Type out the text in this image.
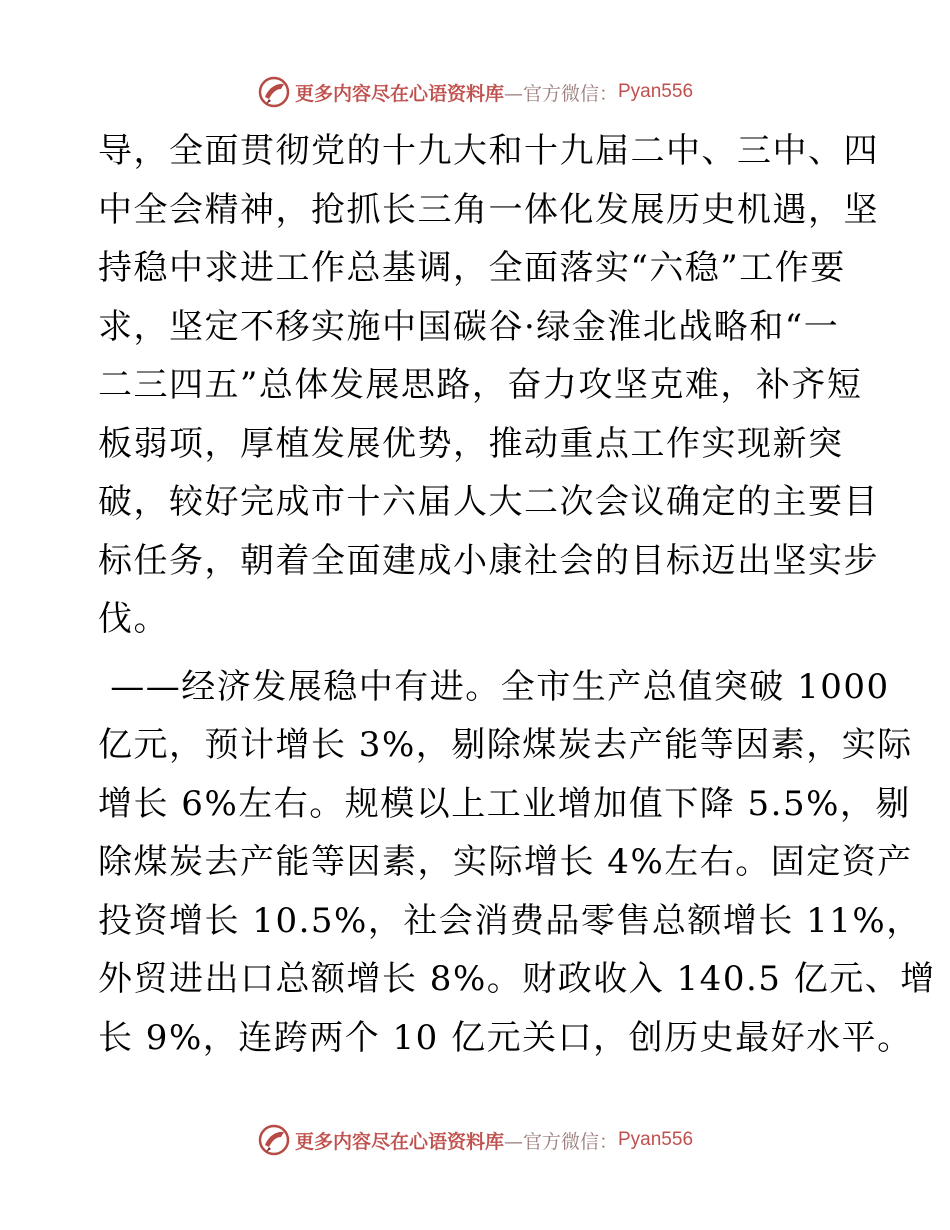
更多内容尽在心语资料库 —官方微信： Pyan556

导，全面贯彻党的十九大和十九届二中、三中、四

中全会精神，抢抓长三角一体化发展历史机遇，坚

持稳中求进工作总基调，全面落实“六稳”工作要

求，坚定不移实施中国碳谷·绿金淮北战略和“一

二三四五”总体发展思路，奋力攻坚克难，补齐短

板弱项，厚植发展优势，推动重点工作实现新突

破，较好完成市十六届人大二次会议确定的主要目

标任务，朝着全面建成小康社会的目标迈出坚实步

伐。

——经济发展稳中有进。全市生产总值突破 1000

亿元，预计增长 3%，剔除煤炭去产能等因素，实际

增长 6%左右。规模以上工业增加值下降 5.5%，剔

除煤炭去产能等因素，实际增长 4%左右。固定资产

投资增长 10.5%，社会消费品零售总额增长 11%，

外贸进出口总额增长 8%。财政收入 140.5 亿元、增

长 9%，连跨两个 10 亿元关口，创历史最好水平。

更多内容尽在心语资料库 —官方微信： Pyan556
